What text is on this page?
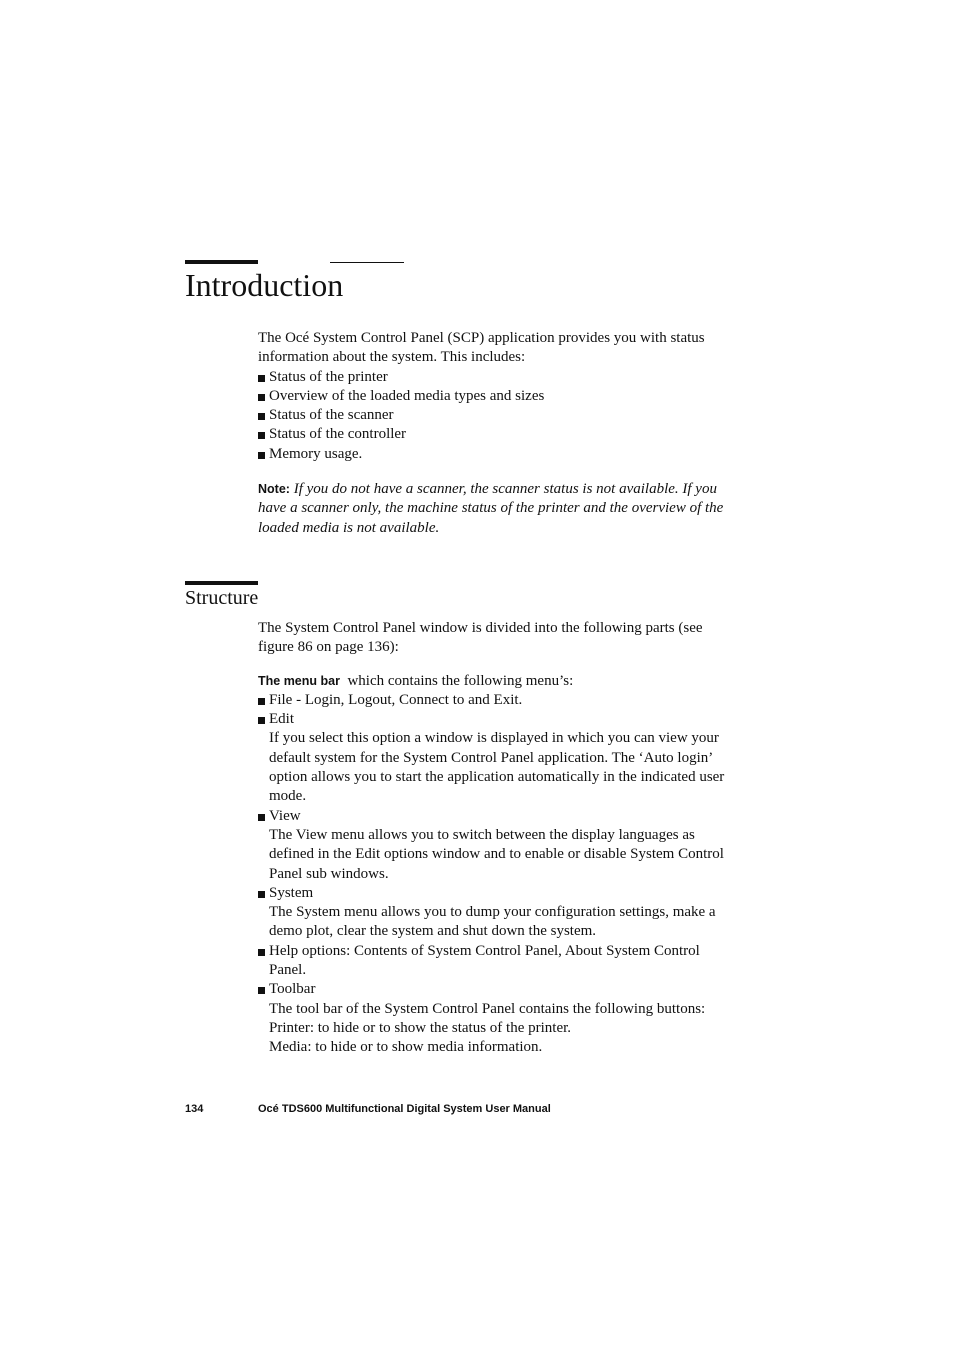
Introduction

The Océ System Control Panel (SCP) application provides you with status information about the system. This includes:

Status of the printer
Overview of the loaded media types and sizes
Status of the scanner
Status of the controller
Memory usage.

Note: If you do not have a scanner, the scanner status is not available. If you have a scanner only, the machine status of the printer and the overview of the loaded media is not available.

Structure

The System Control Panel window is divided into the following parts (see figure 86 on page 136):

The menu bar which contains the following menu’s:

File - Login, Logout, Connect to and Exit.
Edit
If you select this option a window is displayed in which you can view your default system for the System Control Panel application. The ‘Auto login’ option allows you to start the application automatically in the indicated user mode.
View
The View menu allows you to switch between the display languages as defined in the Edit options window and to enable or disable System Control Panel sub windows.
System
The System menu allows you to dump your configuration settings, make a demo plot, clear the system and shut down the system.
Help options: Contents of System Control Panel, About System Control Panel.
Toolbar
The tool bar of the System Control Panel contains the following buttons:
Printer: to hide or to show the status of the printer.
Media: to hide or to show media information.
134	Océ TDS600 Multifunctional Digital System User Manual
